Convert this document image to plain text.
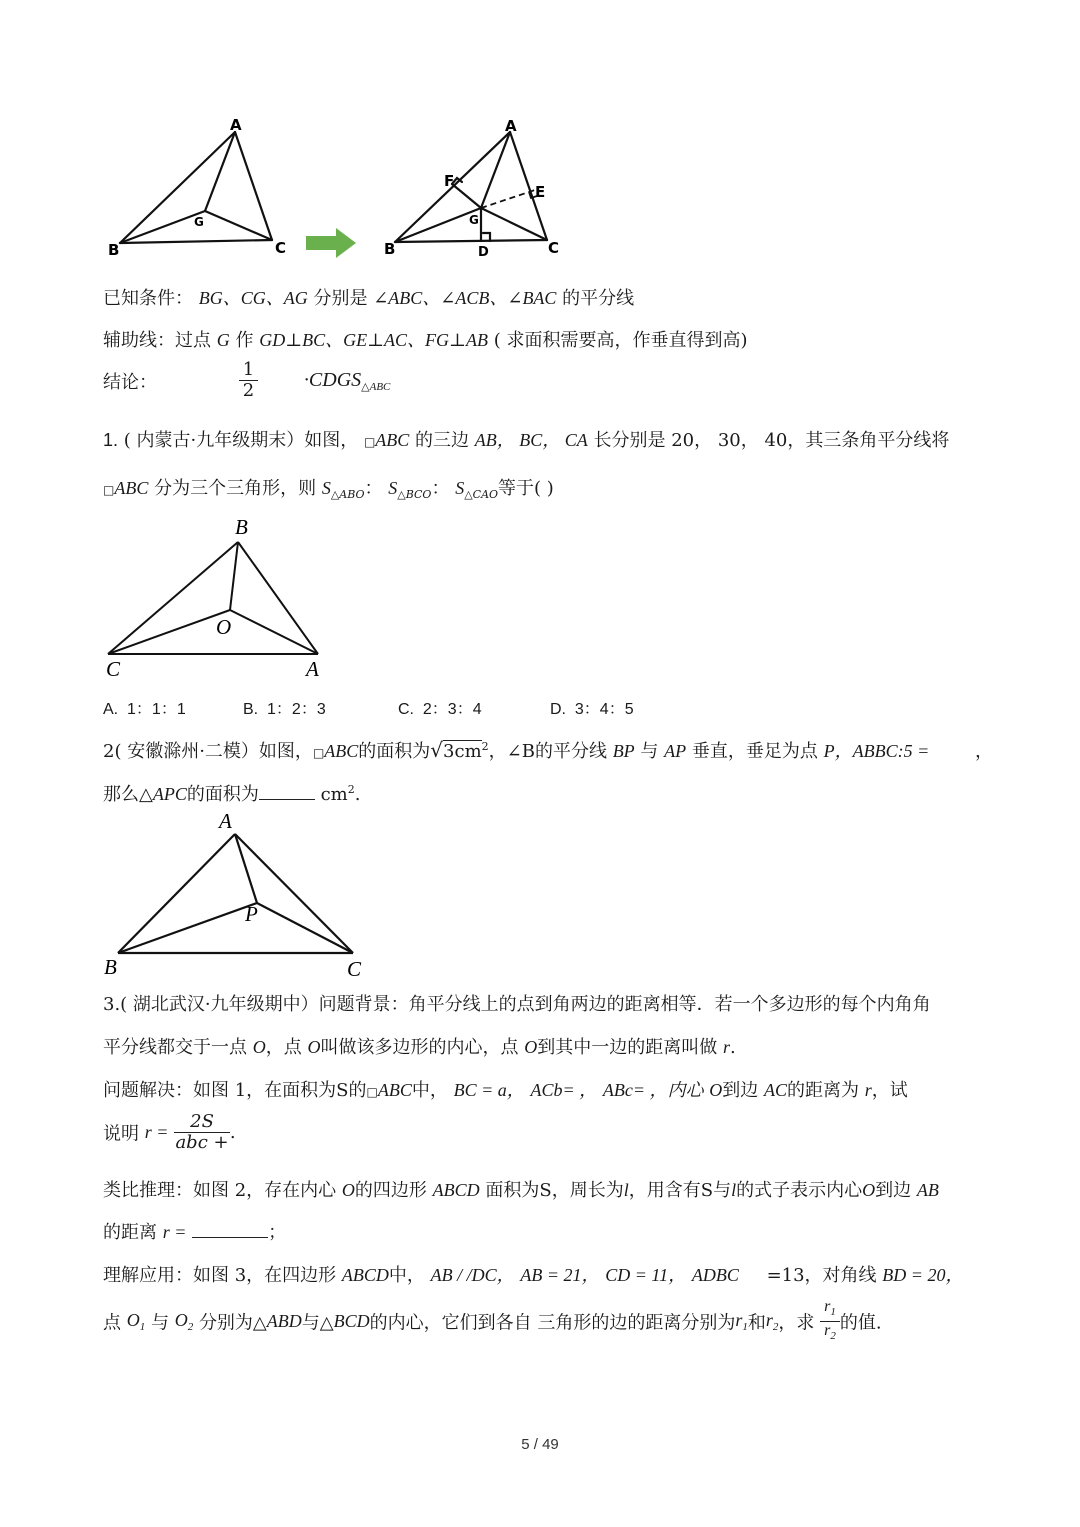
A
B	C
G
A
B	C
G
D
E
F
已知条件： BG、CG、AG 分别是 ∠ABC、∠ACB、∠BAC 的平分线
辅助线：过点 G 作 GD⊥BC、GE⊥AC、FG⊥AB ( 求面积需要高，作垂直得到高)
结论：	$\frac{1}{2}$ $\cdot CDGS_{\triangle ABC}$
1. ( 内蒙古·九年级期末）如图， □ABC 的三边 AB， BC， CA 长分别是 20， 30， 40，其三条角平分线将
□ABC 分为三个三角形，则 $S_{\triangle ABO}$： $S_{\triangle BCO}$： $S_{\triangle CAO}$等于( )
B
O
C	A
A. 1：1：1	B. 1：2：3	C. 2：3：4	D. 3：4：5
2( 安徽滁州·二模）如图，□ABC的面积为$√3cm^2$，∠B的平分线 BP 与 AP 垂直，垂足为点 P，ABBC:5 =	，
那么△APC的面积为	$cm^2$.
A
P
B	C
3.( 湖北武汉·九年级期中）问题背景：角平分线上的点到角两边的距离相等．若一个多边形的每个内角角
平分线都交于一点 O，点 O叫做该多边形的内心，点 O到其中一边的距离叫做 r.
问题解决：如图 1，在面积为S的□ABC中， BC = a， ACb= ， ABc= ，内心 O到边 AC的距离为 r，试
说明 $r = \frac{2S}{\text{abc +}}$ .
类比推理：如图 2，存在内心 O的四边形 ABCD 面积为S，周长为l，用含有S与l的式子表示内心O到边 AB
的距离 r =	；
理解应用：如图 3，在四边形 ABCD中， AB / /DC， AB = 21， CD = 11， ADBC =13，对角线 BD = 20，
点 $O_1$ 与 $O_2$ 分别为△ABD与△BCD的内心，它们到各自 三角形的边的距离分别为$r_1$和$r_2$，求 $\frac{r_1}{r_2}$ 的值.
5 / 49
